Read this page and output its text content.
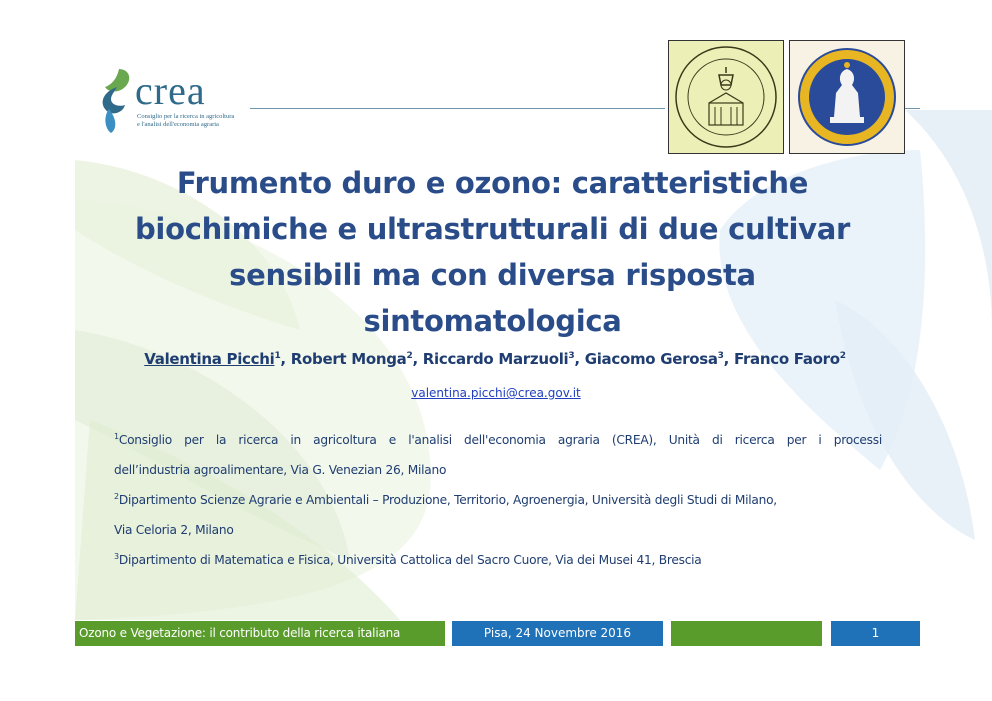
crea
Consiglio per la ricerca in agricoltura
e l'analisi dell'economia agraria
Frumento duro e ozono: caratteristiche
biochimiche e ultrastrutturali di due cultivar
sensibili ma con diversa risposta
sintomatologica
Valentina Picchi$^1$, Robert Monga$^2$, Riccardo Marzuoli$^3$, Giacomo Gerosa$^3$, Franco Faoro$^2$
valentina.picchi@crea.gov.it
$^1$Consiglio per la ricerca in agricoltura e l'analisi dell'economia agraria (CREA), Unità di ricerca per i processi
dell’industria agroalimentare, Via G. Venezian 26, Milano
$^2$Dipartimento Scienze Agrarie e Ambientali – Produzione, Territorio, Agroenergia, Università degli Studi di Milano,
Via Celoria 2, Milano
$^3$Dipartimento di Matematica e Fisica, Università Cattolica del Sacro Cuore, Via dei Musei 41, Brescia
Ozono e Vegetazione: il contributo della ricerca italiana	Pisa, 24 Novembre 2016	1
